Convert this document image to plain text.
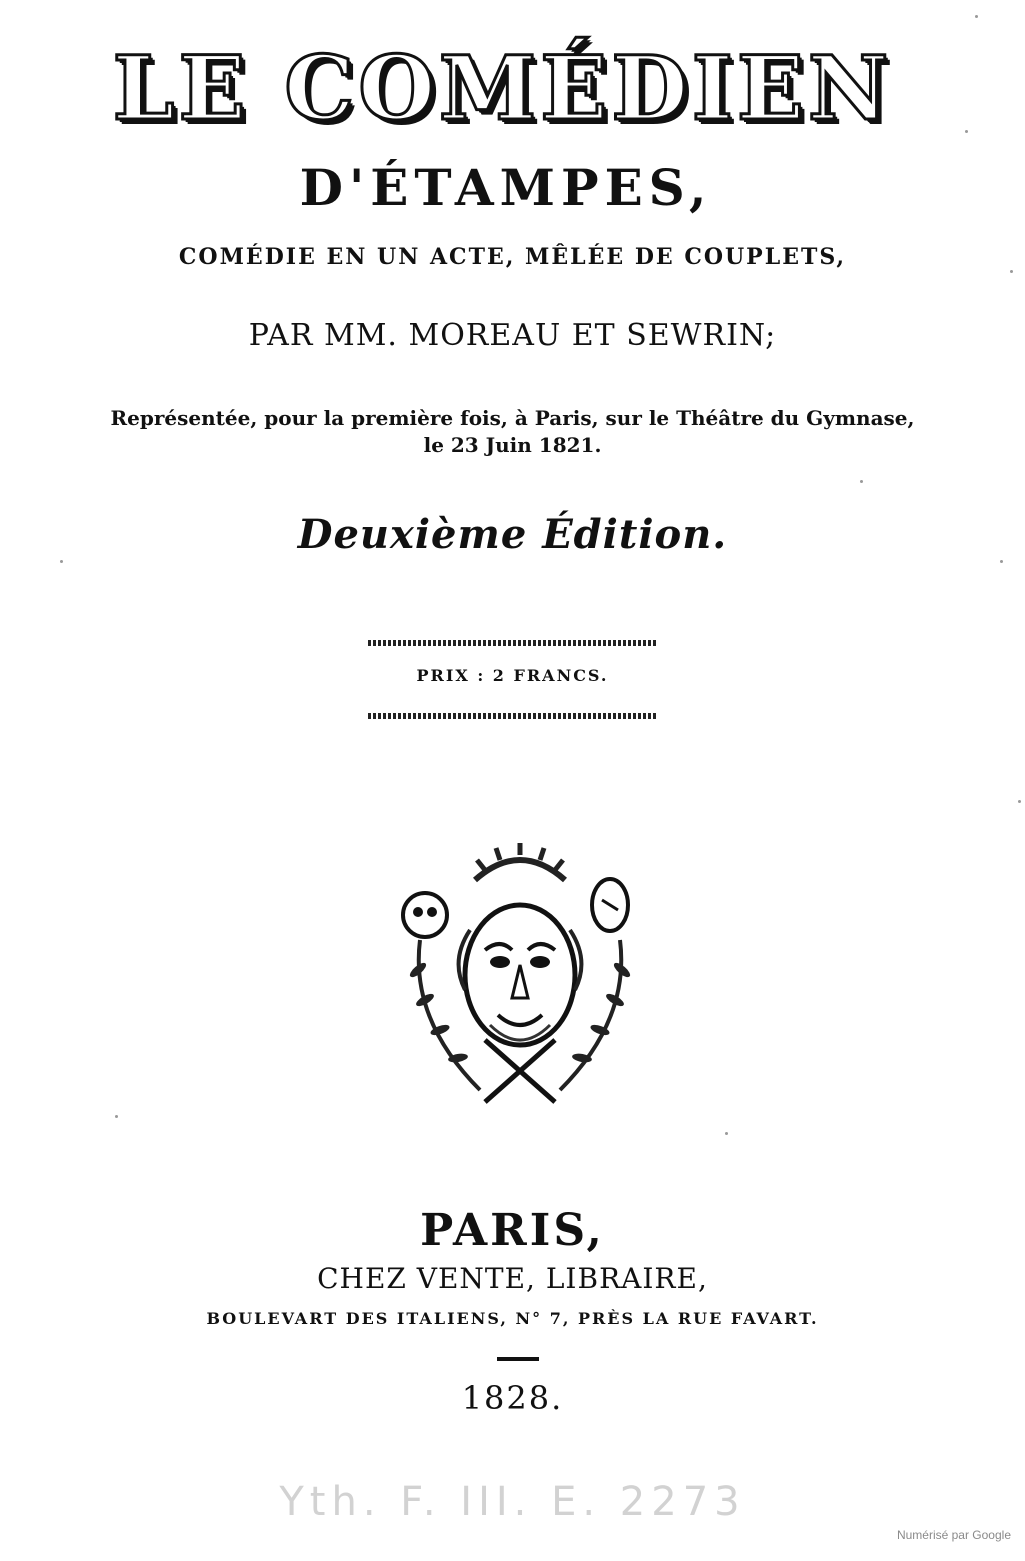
LE COMÉDIEN
D'ÉTAMPES,
COMÉDIE EN UN ACTE, MÊLÉE DE COUPLETS,
PAR MM. MOREAU ET SEWRIN;
Représentée, pour la première fois, à Paris, sur le Théâtre du Gymnase,
le 23 Juin 1821.
Deuxième Édition.
PRIX : 2 FRANCS.
PARIS,
CHEZ VENTE, LIBRAIRE,
BOULEVART DES ITALIENS, N° 7, PRÈS LA RUE FAVART.
1828.
Yth. F. III. E. 2273
Numérisé par Google
